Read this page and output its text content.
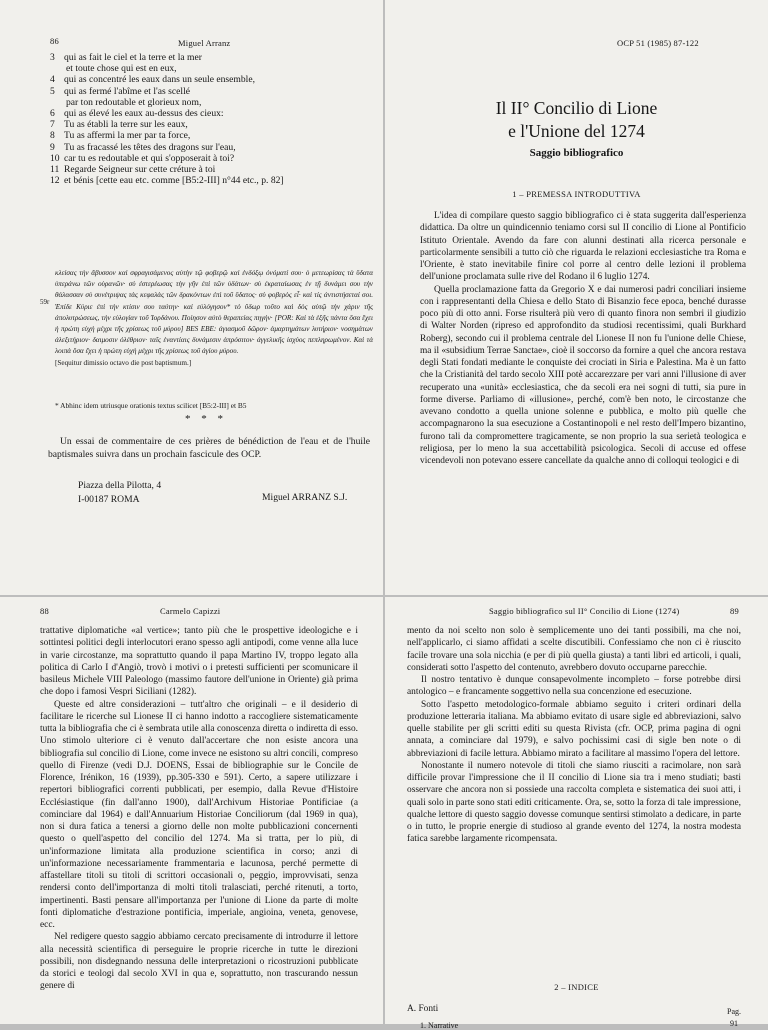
86	Miguel Arranz
3 qui as fait le ciel et la terre et la mer
et toute chose qui est en eux,
4 qui as concentré les eaux dans un seule ensemble,
5 qui as fermé l'abîme et l'as scellé
par ton redoutable et glorieux nom,
6 qui as élevé les eaux au-dessus des cieux:
7 Tu as établi la terre sur les eaux,
8 Tu as affermi la mer par ta force,
9 Tu as fracassé les têtes des dragons sur l'eau,
10 car tu es redoutable et qui s'opposerait à toi?
11 Regarde Seigneur sur cette créture à toi
12 et bénis [cette eau etc. comme [B5:2-III] n°44 etc., p. 82]
59r

κλείσας τὴν ἄβυσσον καὶ σφραγισάμενος αὐτὴν τῷ φοβερῷ καὶ ἐνδόξῳ ὀνόματί σου· ὁ μετεωρίσας τὰ ὕδατα ὑπεράνω τῶν οὐρανῶν· σὺ ἐστερέωσας τὴν γῆν ἐπὶ τῶν ὑδάτων· σὺ ἐκραταίωσας ἐν τῇ δυνάμει σου τὴν θάλασσαν σὺ συνέτριψας τὰς κεφαλὰς τῶν δρακόντων ἐπὶ τοῦ ὕδατος· σὺ φοβερὸς εἶ· καὶ τίς ἀντιστήσεταί σοι. Ἐπίδε Κύριε ἐπὶ τὴν κτίσιν σου ταύτην· καὶ εὐλόγησον* τὸ ὕδωρ τοῦτο καὶ δὸς αὐτῷ τὴν χάριν τῆς ἀπολυτρώσεως, τὴν εὐλογίαν τοῦ Ἰορδάνου. Ποίησον αὐτὸ θεραπείας πηγήν· [POR: Καὶ τὰ ἑξῆς πάντα ὅσα ἔχει ἡ πρώτη εὐχὴ μέχρι τῆς χρίσεως τοῦ μύρου] BES EBE: ἀγιασμοῦ δῶρον· ἁμαρτημάτων λυτήριον· νοσημάτων ἀλεξιτήριον· δαιμοσιν ὀλέθριον· ταῖς ἐναντίαις δυνάμεσιν ἀπρόσιτον· ἀγγελικῆς ἰσχύος πεπληρωμένον. Καὶ τὰ λοιπὰ ὅσα ἔχει ἡ πρώτη εὐχὴ μέχρι τῆς χρίσεως τοῦ ἁγίου μύρου.

[Sequitur dimissio octavo die post baptismum.]

* Abhinc idem utriusque orationis textus scilicet [B5:2-III] et B5
* * *
Un essai de commentaire de ces prières de bénédiction de l'eau et de l'huile baptismales suivra dans un prochain fascicule des OCP.
Piazza della Pilotta, 4
I-00187 ROMA	Miguel ARRANZ S.J.
OCP 51 (1985) 87-122
Il II° Concilio di Lione
e l'Unione del 1274
Saggio bibliografico
1 – PREMESSA INTRODUTTIVA

L'idea di compilare questo saggio bibliografico ci è stata suggerita dall'esperienza didattica. Da oltre un quindicennio teniamo corsi sul II concilio di Lione al Pontificio Istituto Orientale. Avendo da fare con alunni destinati alla ricerca personale e particolarmente sensibili a tutto ciò che riguarda le relazioni ecclesiastiche tra Roma e l'Oriente, è stato inevitabile finire col porre al centro delle lezioni il problema dell'unione proclamata sulle rive del Rodano il 6 luglio 1274.

Quella proclamazione fatta da Gregorio X e dai numerosi padri conciliari insieme con i rappresentanti della Chiesa e dello Stato di Bisanzio fece epoca, benché durasse poco più di otto anni. Forse risulterà più vero di quanto finora non sembri il giudizio di Walter Norden (ripreso ed approfondito da studiosi recentissimi, quali Burkhard Roberg), secondo cui il problema centrale del Lionese II non fu l'unione delle Chiese, ma il «subsidium Terrae Sanctae», cioè il soccorso da fornire a quel che ancora restava degli Stati fondati mediante le conquiste dei crociati in Siria e Palestina. Ma è un fatto che la Cristianità del tardo secolo XIII potè accarezzare per vari anni l'illusione di aver recuperato una «unità» ecclesiastica, che da secoli era nei sogni di tutti, sia pure in forme diverse. Parliamo di «illusione», perché, com'è ben noto, le circostanze che avevano condotto a quella unione solenne e pubblica, e molto più quelle che accompagnarono la sua esecuzione a Costantinopoli e nel resto dell'Impero bizantino, furono tali da compromettere tragicamente, se non proprio la sua serietà teologica e religiosa, per lo meno la sua accettabilità psicologica. Secoli di accuse ed offese vicendevoli non potevano essere cancellate da qualche anno di colloqui teologici e di

88	Carmelo Capizzi

trattative diplomatiche «al vertice»; tanto più che le prospettive ideologiche e i sottintesi politici degli interlocutori erano spesso agli antipodi, come venne alla luce in varie circostanze, ma soprattutto quando il papa Martino IV, troppo legato alla politica di Carlo I d'Angiò, trovò i motivi o i pretesti sufficienti per scomunicare il basileus Michele VIII Paleologo (massimo fautore dell'unione in Oriente) già prima che dopo i famosi Vespri Siciliani (1282).

Queste ed altre considerazioni – tutt'altro che originali – e il desiderio di facilitare le ricerche sul Lionese II ci hanno indotto a raccogliere sistematicamente tutta la bibliografia che ci è sembrata utile alla conoscenza diretta o indiretta di esso. Uno stimolo ulteriore ci è venuto dall'accertare che non esiste ancora una bibliografia sul concilio di Lione, come invece ne esistono su altri concili, compreso quello di Firenze (vedi D.J. DOENS, Essai de bibliographie sur le Concile de Florence, Irénikon, 16 (1939), pp.305-330 e 591). Certo, a sapere utilizzare i repertori bibliografici correnti pubblicati, per esempio, dalla Revue d'Histoire Ecclésiastique (fin dall'anno 1900), dall'Archivum Historiae Pontificiae (a cominciare dal 1964) e dall'Annuarium Historiae Conciliorum (dal 1969 in qua), non si dura fatica a tenersi a giorno delle non molte pubblicazioni concernenti questo o quell'aspetto del concilio del 1274. Ma si tratta, per lo più, di un'informazione limitata alla produzione scientifica in corso; anzi di un'informazione necessariamente frammentaria e lacunosa, perché permette di affastellare titoli su titoli di scrittori occasionali o, peggio, improvvisati, senza rendersi conto dell'importanza di molti titoli tralasciati, perché ritenuti, a torto, impertinenti. Basti pensare all'importanza per l'unione di Lione da parte di molte fonti diplomatiche d'estrazione pontificia, imperiale, angioina, veneta, genovese, ecc.

Nel redigere questo saggio abbiamo cercato precisamente di introdurre il lettore alla necessità scientifica di perseguire le proprie ricerche in tutte le direzioni possibili, non disdegnando nessuna delle interpretazioni o ricostruzioni pubblicate da storici e teologi dal secolo XVI in qua e, soprattutto, non trascurando nessun genere di

Saggio bibliografico sul II° Concilio di Lione (1274)	89

mento da noi scelto non solo è semplicemente uno dei tanti possibili, ma che noi, nell'applicarlo, ci siamo affidati a scelte discutibili. Confessiamo che non ci è riuscito facile trovare una sola nicchia (e per di più quella giusta) a tanti libri ed articoli, i quali, considerati sotto l'aspetto del contenuto, avrebbero dovuto occuparne parecchie.

Il nostro tentativo è dunque consapevolmente incompleto – forse potrebbe dirsi antologico – e francamente soggettivo nella sua concenzione ed esecuzione.

Sotto l'aspetto metodologico-formale abbiamo seguito i criteri ordinari della produzione letteraria italiana. Ma abbiamo evitato di usare sigle ed abbreviazioni, salvo quelle stabilite per gli scritti editi su questa Rivista (cfr. OCP, prima pagina di ogni annata, a cominciare dal 1979), e salvo pochissimi casi di sigle ben note o di abbreviazioni di facile lettura. Abbiamo mirato a facilitare al massimo l'opera del lettore.

Nonostante il numero notevole di titoli che siamo riusciti a racimolare, non sarà difficile provar l'impressione che il II concilio di Lione sia tra i meno studiati; basti osservare che ancora non si possiede una raccolta completa e sistematica dei suoi atti, i quali solo in parte sono stati editi criticamente. Ora, se, sotto la forza di tale impressione, qualche lettore di questo saggio dovesse comunque sentirsi stimolato a dedicare, in parte o in tutto, le proprie energie di studioso al grande evento del 1274, la nostra modesta fatica sarebbe largamente ricompensata.

2 – INDICE
A. Fonti	Pag.
1. Narrative	91
